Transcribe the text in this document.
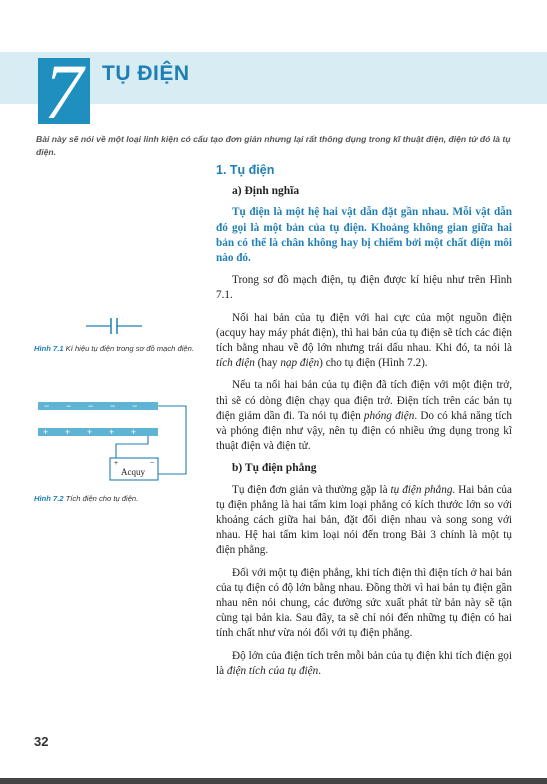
7 TỤ ĐIỆN

Bài này sẽ nói về một loại linh kiện có cấu tạo đơn giản nhưng lại rất thông dụng trong kĩ thuật điện, điện tử đó là tụ điện.

Hình 7.1 Kí hiệu tụ điện trong sơ đồ mạch điện.

− − − − −
+ + + + +
+	−
Acquy

Hình 7.2 Tích điện cho tụ điện.

1. Tụ điện
a) Định nghĩa

Tụ điện là một hệ hai vật dẫn đặt gần nhau. Mỗi vật dẫn đó gọi là một bản của tụ điện. Khoảng không gian giữa hai bản có thể là chân không hay bị chiếm bởi một chất điện môi nào đó.

Trong sơ đồ mạch điện, tụ điện được kí hiệu như trên Hình 7.1.

Nối hai bản của tụ điện với hai cực của một nguồn điện (acquy hay máy phát điện), thì hai bản của tụ điện sẽ tích các điện tích bằng nhau về độ lớn nhưng trái dấu nhau. Khi đó, ta nói là tích điện (hay nạp điện) cho tụ điện (Hình 7.2).

Nếu ta nối hai bản của tụ điện đã tích điện với một điện trở, thì sẽ có dòng điện chạy qua điện trở. Điện tích trên các bản tụ điện giảm dần đi. Ta nói tụ điện phóng điện. Do có khả năng tích và phóng điện như vậy, nên tụ điện có nhiều ứng dụng trong kĩ thuật điện và điện tử.

b) Tụ điện phẳng

Tụ điện đơn giản và thường gặp là tụ điện phẳng. Hai bản của tụ điện phẳng là hai tấm kim loại phẳng có kích thước lớn so với khoảng cách giữa hai bản, đặt đối diện nhau và song song với nhau. Hệ hai tấm kim loại nói đến trong Bài 3 chính là một tụ điện phẳng.

Đối với một tụ điện phẳng, khi tích điện thì điện tích ở hai bản của tụ điện có độ lớn bằng nhau. Đồng thời vì hai bản tụ điện gần nhau nên nói chung, các đường sức xuất phát từ bản này sẽ tận cùng tại bản kia. Sau đây, ta sẽ chỉ nói đến những tụ điện có hai tính chất như vừa nói đối với tụ điện phẳng.

Độ lớn của điện tích trên mỗi bản của tụ điện khi tích điện gọi là điện tích của tụ điện.

32
